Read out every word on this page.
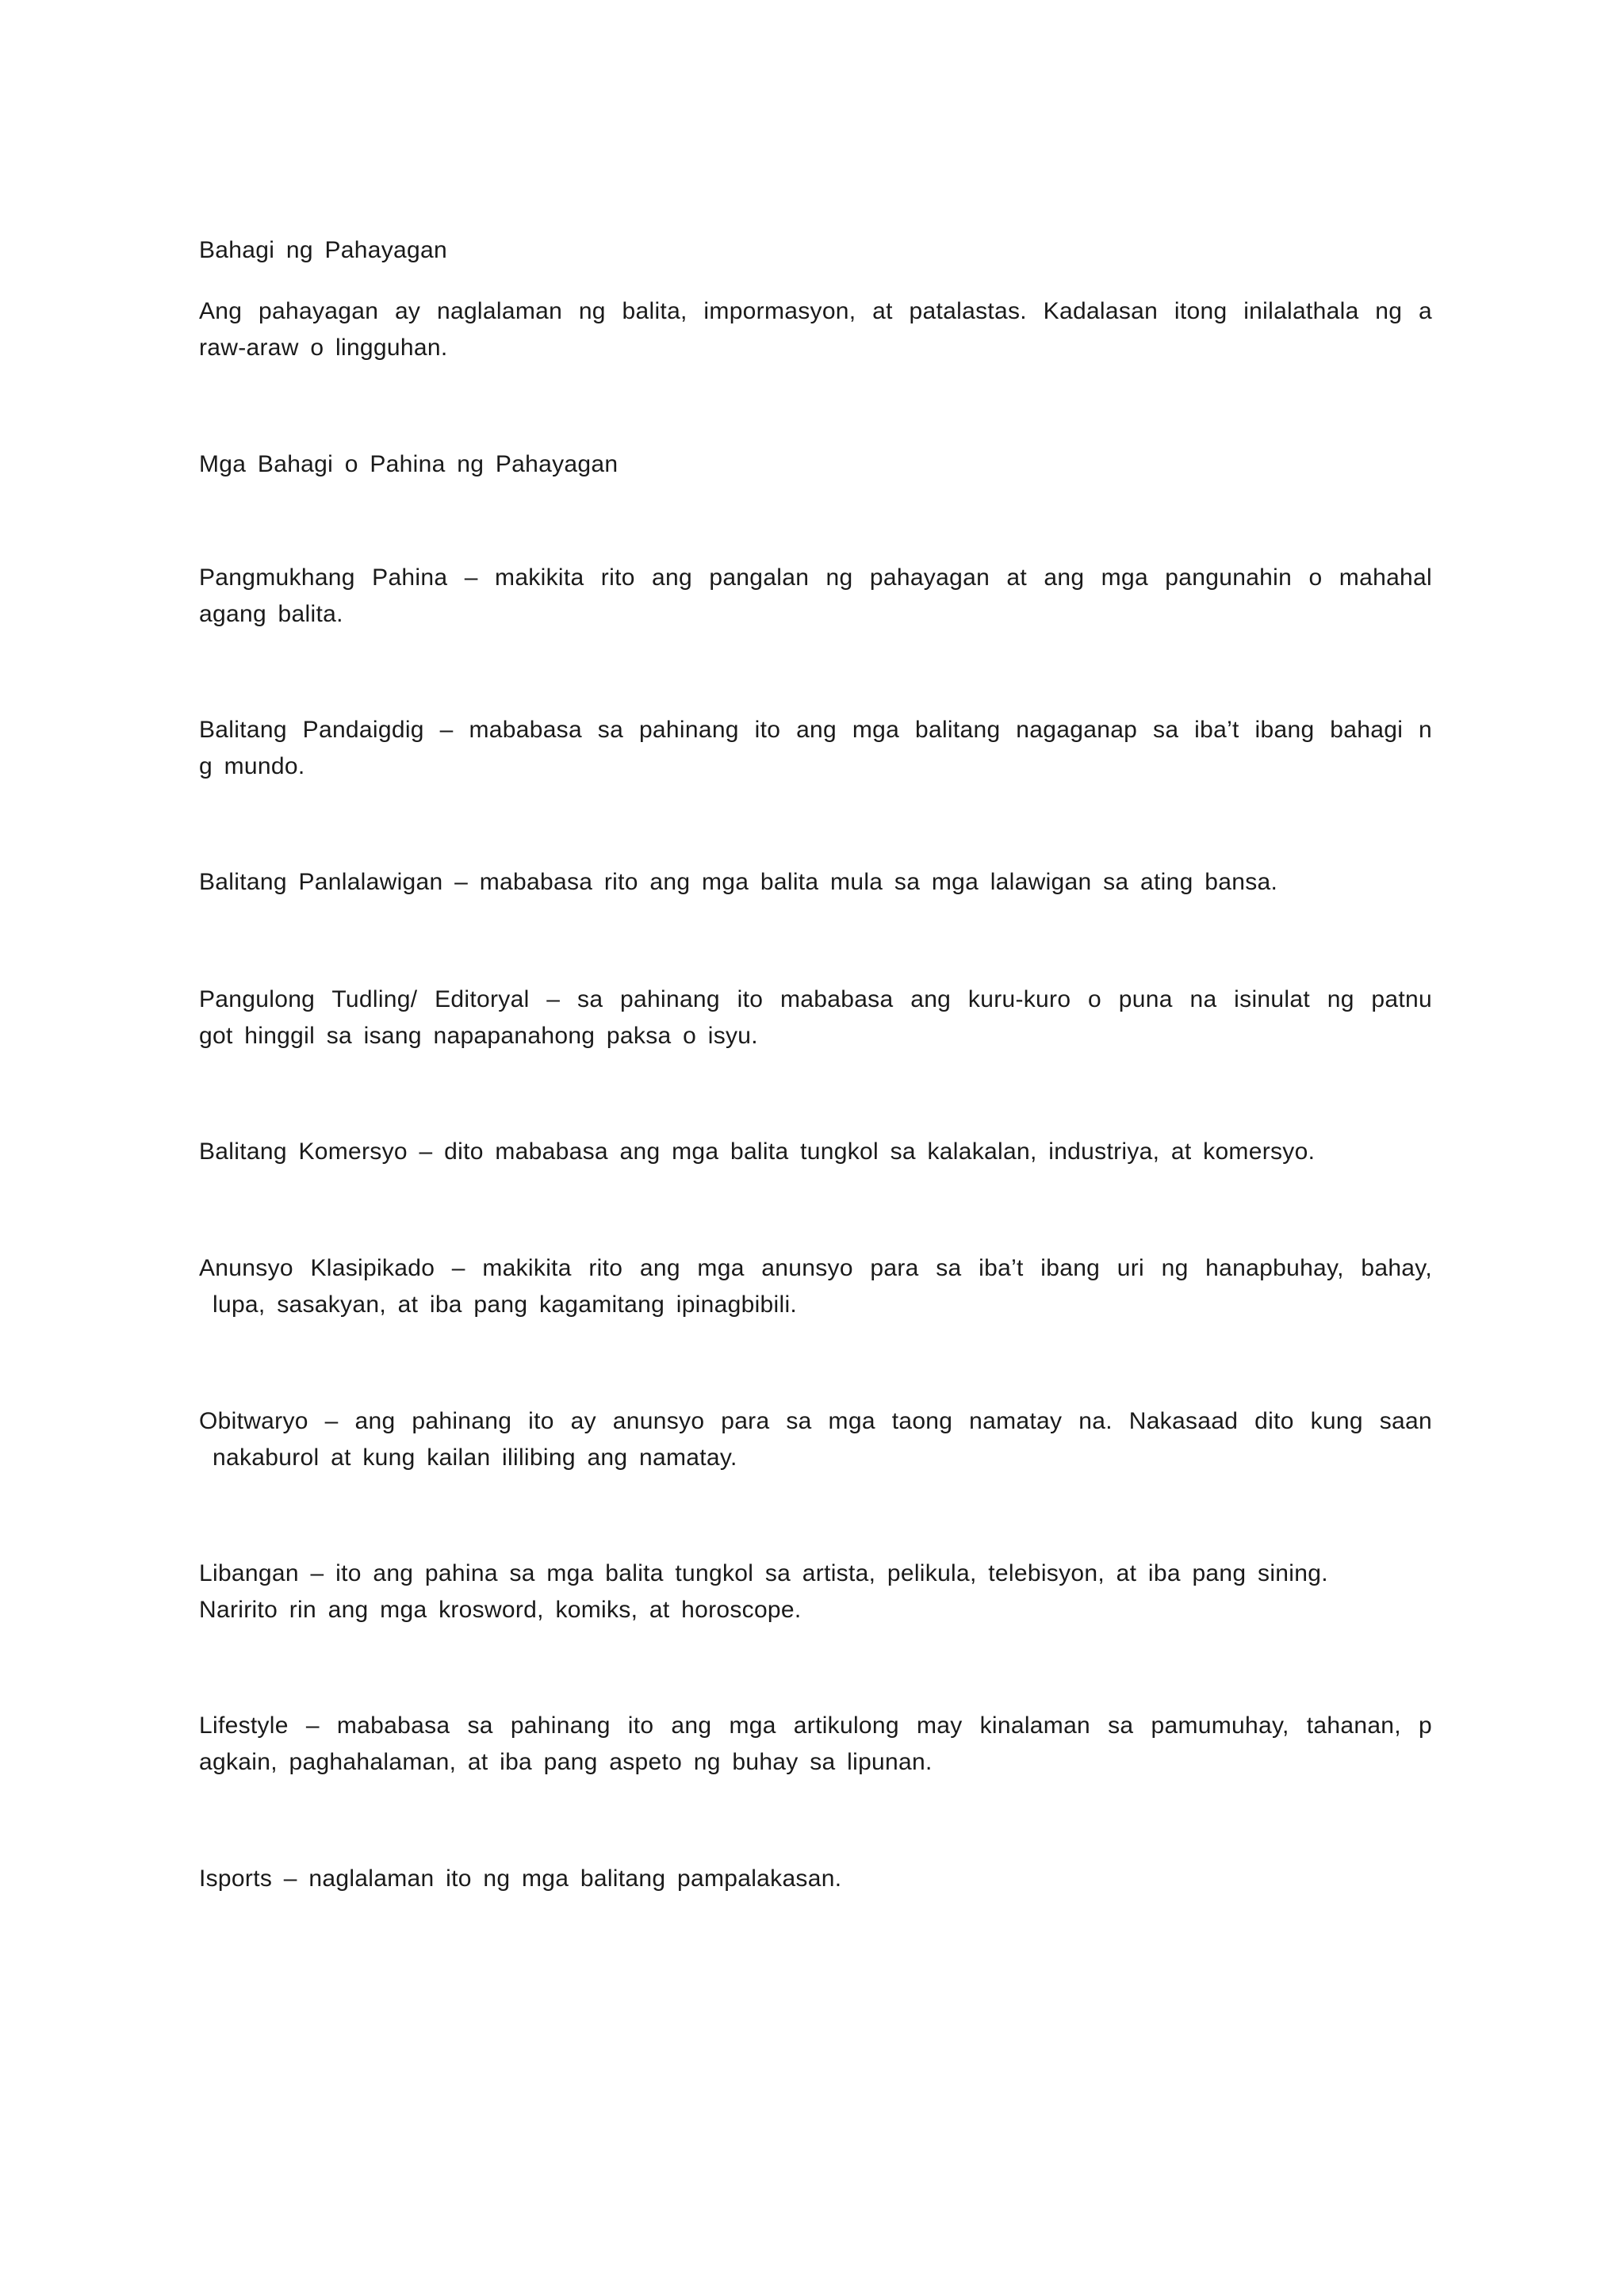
Bahagi ng Pahayagan
Ang pahayagan ay naglalaman ng balita, impormasyon, at patalastas. Kadalasan itong inilalathala ng a
raw-araw o lingguhan.
Mga Bahagi o Pahina ng Pahayagan
Pangmukhang Pahina – makikita rito ang pangalan ng pahayagan at ang mga pangunahin o mahahal
agang balita.
Balitang Pandaigdig – mababasa sa pahinang ito ang mga balitang nagaganap sa iba’t ibang bahagi n
g mundo.
Balitang Panlalawigan – mababasa rito ang mga balita mula sa mga lalawigan sa ating bansa.
Pangulong Tudling/ Editoryal – sa pahinang ito mababasa ang kuru-kuro o puna na isinulat ng patnu
got hinggil sa isang napapanahong paksa o isyu.
Balitang Komersyo – dito mababasa ang mga balita tungkol sa kalakalan, industriya, at komersyo.
Anunsyo Klasipikado – makikita rito ang mga anunsyo para sa iba’t ibang uri ng hanapbuhay, bahay,
lupa, sasakyan, at iba pang kagamitang ipinagbibili.
Obitwaryo – ang pahinang ito ay anunsyo para sa mga taong namatay na. Nakasaad dito kung saan
nakaburol at kung kailan ililibing ang namatay.
Libangan – ito ang pahina sa mga balita tungkol sa artista, pelikula, telebisyon, at iba pang sining.
Naririto rin ang mga krosword, komiks, at horoscope.
Lifestyle – mababasa sa pahinang ito ang mga artikulong may kinalaman sa pamumuhay, tahanan, p
agkain, paghahalaman, at iba pang aspeto ng buhay sa lipunan.
Isports – naglalaman ito ng mga balitang pampalakasan.
